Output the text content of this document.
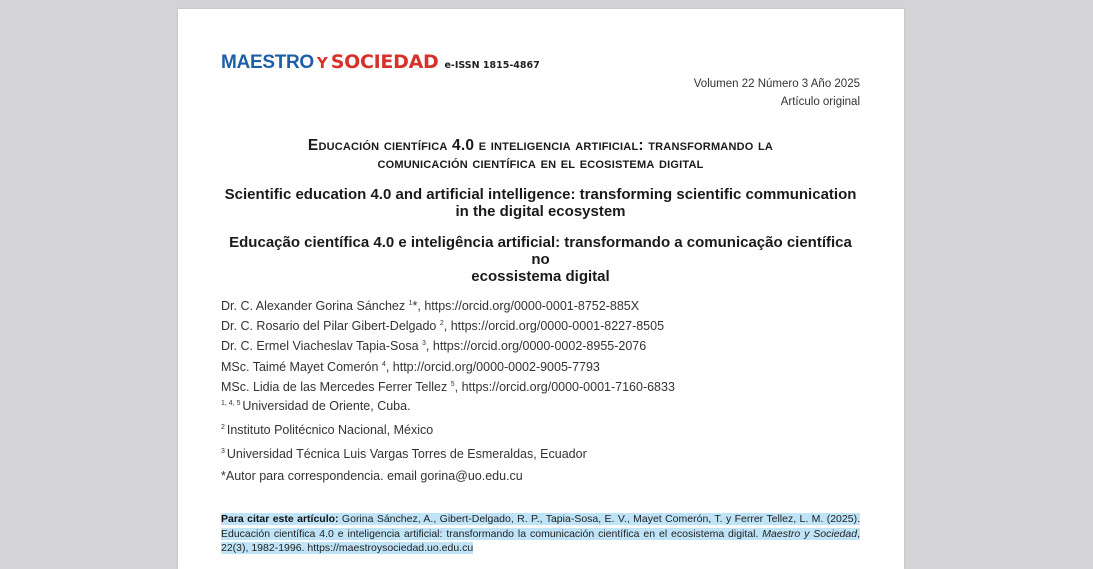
MAESTRO Y SOCIEDAD e-ISSN 1815-4867
Volumen 22 Número 3 Año 2025
Artículo original
Educación científica 4.0 e inteligencia artificial: transformando la
comunicación científica en el ecosistema digital
Scientific education 4.0 and artificial intelligence: transforming scientific communication
in the digital ecosystem
Educação científica 4.0 e inteligência artificial: transformando a comunicação científica no
ecossistema digital
Dr. C. Alexander Gorina Sánchez $^1$*, https://orcid.org/0000-0001-8752-885X
Dr. C. Rosario del Pilar Gibert-Delgado $^2$, https://orcid.org/0000-0001-8227-8505
Dr. C. Ermel Viacheslav Tapia-Sosa $^3$, https://orcid.org/0000-0002-8955-2076
MSc. Taimé Mayet Comerón $^4$, http://orcid.org/0000-0002-9005-7793
MSc. Lidia de las Mercedes Ferrer Tellez $^5$, https://orcid.org/0000-0001-7160-6833
$^{1, 4, 5}$ Universidad de Oriente, Cuba.
$^2$ Instituto Politécnico Nacional, México
$^3$ Universidad Técnica Luis Vargas Torres de Esmeraldas, Ecuador
*Autor para correspondencia. email gorina@uo.edu.cu
Para citar este artículo: Gorina Sánchez, A., Gibert-Delgado, R. P., Tapia-Sosa, E. V., Mayet Comerón, T. y Ferrer Tellez, L. M. (2025). Educación científica 4.0 e inteligencia artificial: transformando la comunicación científica en el ecosistema digital. Maestro y Sociedad, 22(3), 1982-1996. https://maestroysociedad.uo.edu.cu
